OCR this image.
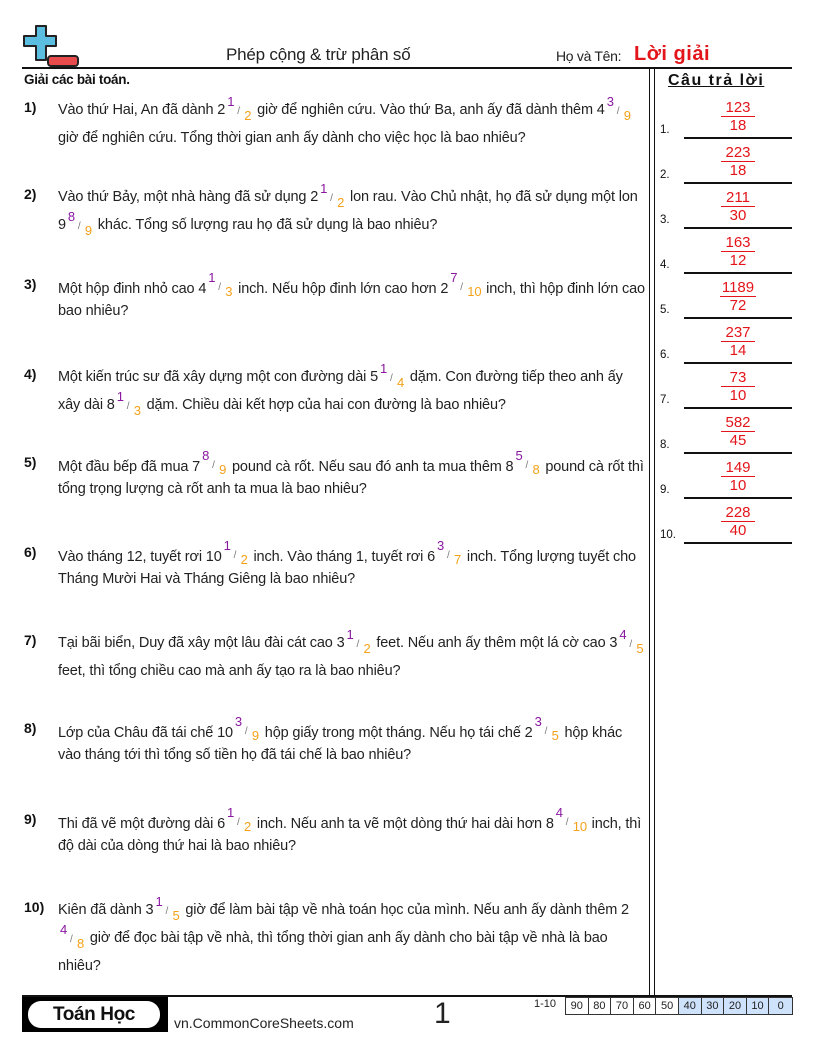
Phép cộng & trừ phân số	Họ và Tên: Lời giải
Giải các bài toán.
1) Vào thứ Hai, An đã dành 2
1
/ 2 giờ để nghiên cứu. Vào thứ Ba, anh ấy đã dành thêm 4
3
/ 9
giờ để nghiên cứu. Tổng thời gian anh ấy dành cho việc học là bao nhiêu?
2) Vào thứ Bảy, một nhà hàng đã sử dụng 2
1
/ 2 lon rau. Vào Chủ nhật, họ đã sử dụng một lon 9
8
/ 9 khác. Tổng số lượng rau họ đã sử dụng là bao nhiêu?
3) Một hộp đinh nhỏ cao 4
1
/ 3 inch. Nếu hộp đinh lớn cao hơn 2
7
/ 10 inch, thì hộp đinh lớn cao bao nhiêu?
4) Một kiến trúc sư đã xây dựng một con đường dài 5
1
/ 4 dặm. Con đường tiếp theo anh ấy xây dài 8
1
/ 3 dặm. Chiều dài kết hợp của hai con đường là bao nhiêu?
5) Một đầu bếp đã mua 7
8
/ 9 pound cà rốt. Nếu sau đó anh ta mua thêm 8
5
/ 8 pound cà rốt thì tổng trọng lượng cà rốt anh ta mua là bao nhiêu?
6) Vào tháng 12, tuyết rơi 10
1
/ 2 inch. Vào tháng 1, tuyết rơi 6
3
/ 7 inch. Tổng lượng tuyết cho Tháng Mười Hai và Tháng Giêng là bao nhiêu?
7) Tại bãi biển, Duy đã xây một lâu đài cát cao 3
1
/ 2 feet. Nếu anh ấy thêm một lá cờ cao 3
4
/ 5
feet, thì tổng chiều cao mà anh ấy tạo ra là bao nhiêu?
8) Lớp của Châu đã tái chế 10
3
/ 9 hộp giấy trong một tháng. Nếu họ tái chế 2
3
/ 5 hộp khác vào tháng tới thì tổng số tiền họ đã tái chế là bao nhiêu?
9) Thi đã vẽ một đường dài 6
1
/ 2 inch. Nếu anh ta vẽ một dòng thứ hai dài hơn 8
4
/ 10 inch, thì độ dài của dòng thứ hai là bao nhiêu?
10) Kiên đã dành 3
1
/ 5 giờ để làm bài tập về nhà toán học của mình. Nếu anh ấy dành thêm 2
4
/ 8 giờ để đọc bài tập về nhà, thì tổng thời gian anh ấy dành cho bài tập về nhà là bao nhiêu?
Câu trả lời
1. $\frac{123}{18}$
2. $\frac{223}{18}$
3. $\frac{211}{30}$
4. $\frac{163}{12}$
5. $\frac{1189}{72}$
6. $\frac{237}{14}$
7. $\frac{73}{10}$
8. $\frac{582}{45}$
9. $\frac{149}{10}$
10. $\frac{228}{40}$
Toán Học	vn.CommonCoreSheets.com	1	1-10	90 80 70 60 50 40 30 20 10	0
